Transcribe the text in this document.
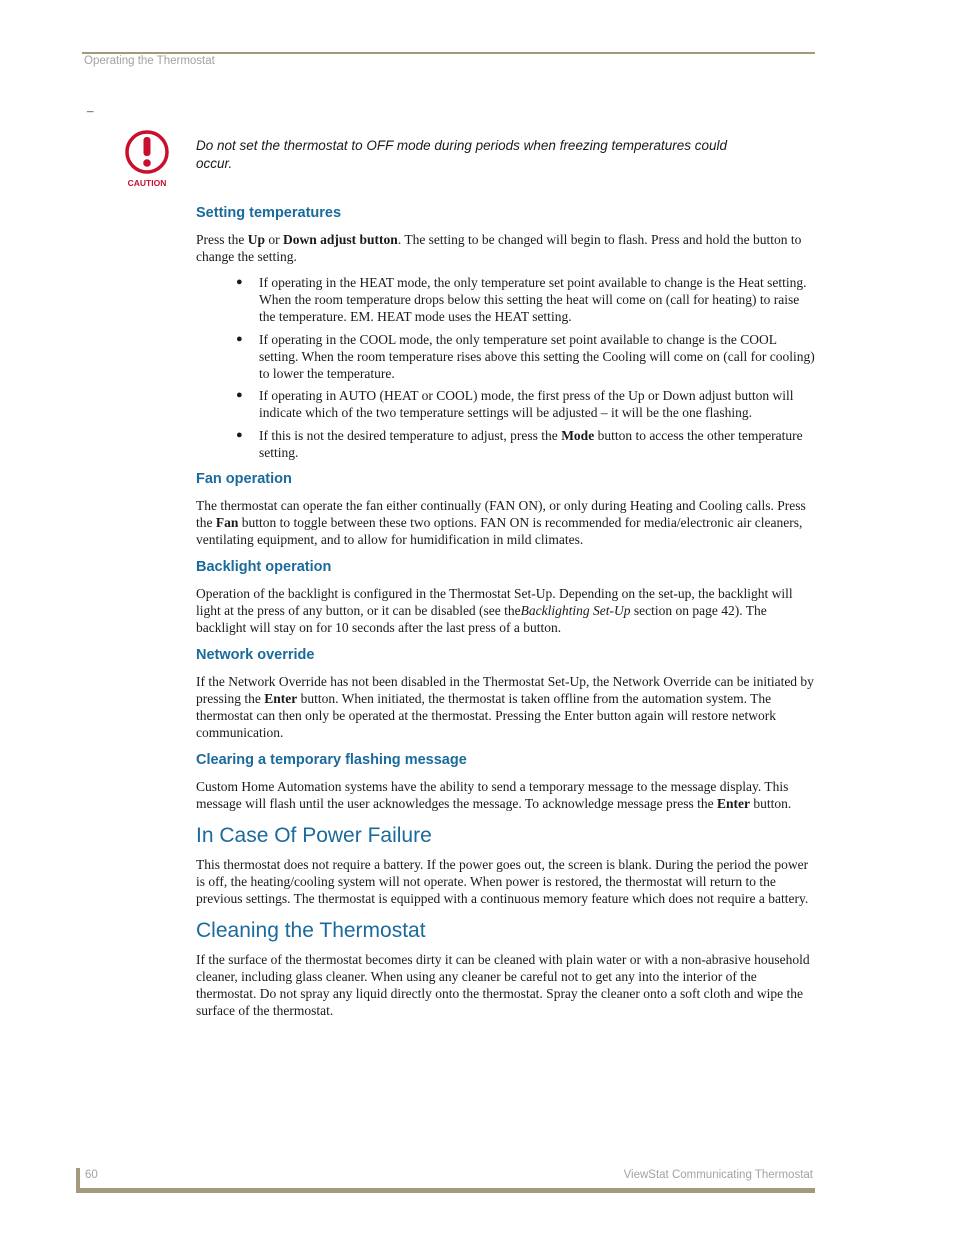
Operating the Thermostat
–
CAUTION
Do not set the thermostat to OFF mode during periods when freezing temperatures could occur.
Setting temperatures

Press the Up or Down adjust button. The setting to be changed will begin to flash. Press and hold the button to change the setting.

● If operating in the HEAT mode, the only temperature set point available to change is the Heat setting. When the room temperature drops below this setting the heat will come on (call for heating) to raise the temperature. EM. HEAT mode uses the HEAT setting.
● If operating in the COOL mode, the only temperature set point available to change is the COOL setting. When the room temperature rises above this setting the Cooling will come on (call for cooling) to lower the temperature.
● If operating in AUTO (HEAT or COOL) mode, the first press of the Up or Down adjust button will indicate which of the two temperature settings will be adjusted – it will be the one flashing.
● If this is not the desired temperature to adjust, press the Mode button to access the other temperature setting.
Fan operation

The thermostat can operate the fan either continually (FAN ON), or only during Heating and Cooling calls. Press the Fan button to toggle between these two options. FAN ON is recommended for media/electronic air cleaners, ventilating equipment, and to allow for humidification in mild climates.

Backlight operation

Operation of the backlight is configured in the Thermostat Set-Up. Depending on the set-up, the backlight will light at the press of any button, or it can be disabled (see theBacklighting Set-Up section on page 42). The backlight will stay on for 10 seconds after the last press of a button.

Network override

If the Network Override has not been disabled in the Thermostat Set-Up, the Network Override can be initiated by pressing the Enter button. When initiated, the thermostat is taken offline from the automation system. The thermostat can then only be operated at the thermostat. Pressing the Enter button again will restore network communication.

Clearing a temporary flashing message

Custom Home Automation systems have the ability to send a temporary message to the message display. This message will flash until the user acknowledges the message. To acknowledge message press the Enter button.

In Case Of Power Failure

This thermostat does not require a battery. If the power goes out, the screen is blank. During the period the power is off, the heating/cooling system will not operate. When power is restored, the thermostat will return to the previous settings. The thermostat is equipped with a continuous memory feature which does not require a battery.

Cleaning the Thermostat

If the surface of the thermostat becomes dirty it can be cleaned with plain water or with a non-abrasive household cleaner, including glass cleaner. When using any cleaner be careful not to get any into the interior of the thermostat. Do not spray any liquid directly onto the thermostat. Spray the cleaner onto a soft cloth and wipe the surface of the thermostat.

60	ViewStat Communicating Thermostat
